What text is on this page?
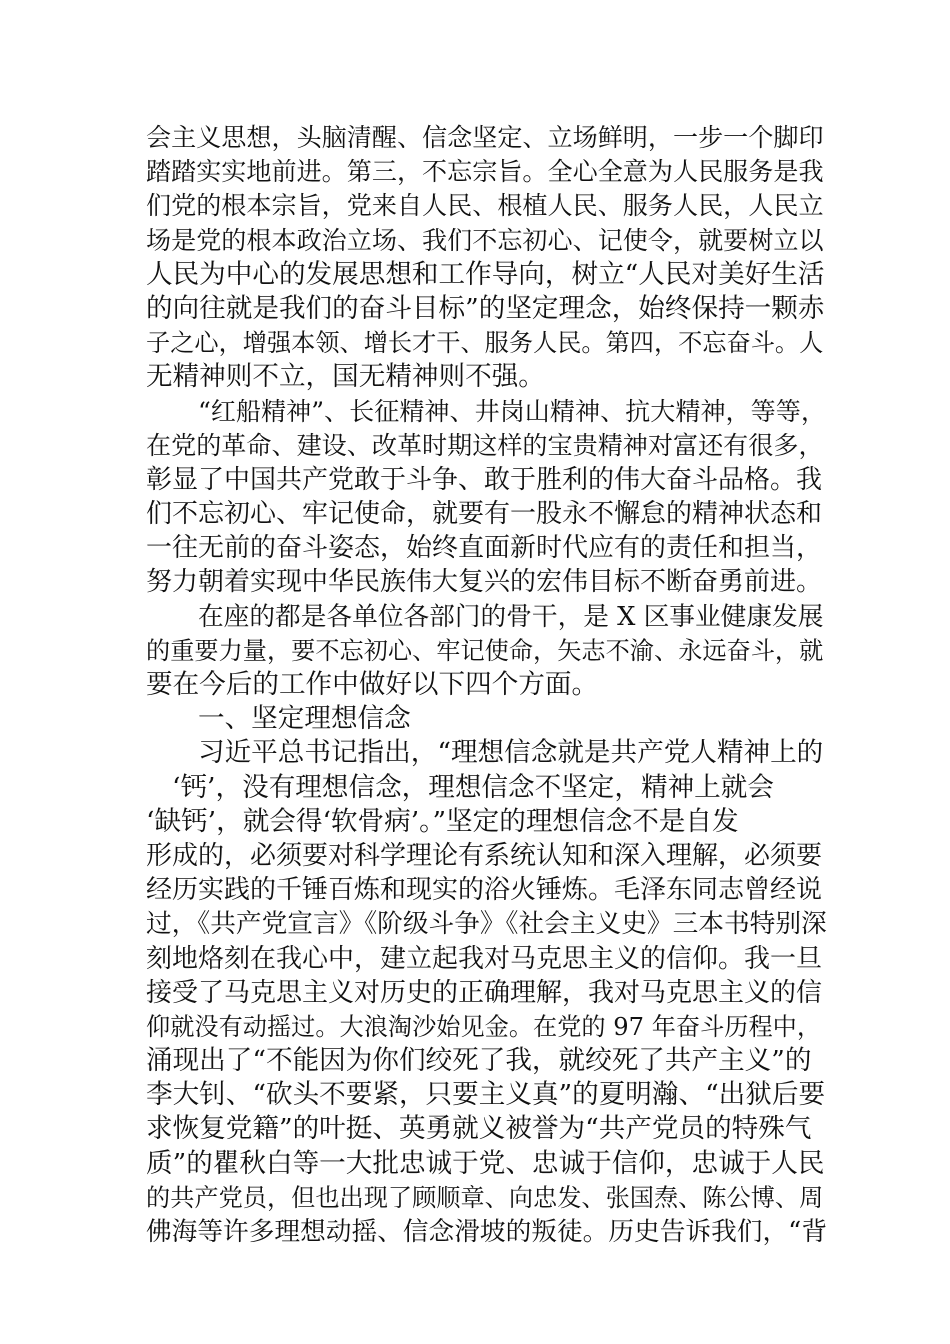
会主义思想，头脑清醒、信念坚定、立场鲜明，一步一个脚印
踏踏实实地前进。第三，不忘宗旨。全心全意为人民服务是我
们党的根本宗旨，党来自人民、根植人民、服务人民，人民立
场是党的根本政治立场、我们不忘初心、记使令，就要树立以
人民为中心的发展思想和工作导向，树立“人民对美好生活
的向往就是我们的奋斗目标”的坚定理念，始终保持一颗赤
子之心，增强本领、增长才干、服务人民。第四，不忘奋斗。人
无精神则不立，国无精神则不强。
“红船精神”、长征精神、井岗山精神、抗大精神，等等，
在党的革命、建设、改革时期这样的宝贵精神对富还有很多，
彰显了中国共产党敢于斗争、敢于胜利的伟大奋斗品格。我
们不忘初心、牢记使命，就要有一股永不懈怠的精神状态和
一往无前的奋斗姿态，始终直面新时代应有的责任和担当，
努力朝着实现中华民族伟大复兴的宏伟目标不断奋勇前进。
在座的都是各单位各部门的骨干，是 X 区事业健康发展
的重要力量，要不忘初心、牢记使命，矢志不渝、永远奋斗，就
要在今后的工作中做好以下四个方面。
一、坚定理想信念
习近平总书记指出，“理想信念就是共产党人精神上的
‘钙’，没有理想信念，理想信念不坚定，精神上就会
‘缺钙’，就会得‘软骨病’。”坚定的理想信念不是自发
形成的，必须要对科学理论有系统认知和深入理解，必须要
经历实践的千锤百炼和现实的浴火锤炼。毛泽东同志曾经说
过，《共产党宣言》《阶级斗争》《社会主义史》三本书特别深
刻地烙刻在我心中，建立起我对马克思主义的信仰。我一旦
接受了马克思主义对历史的正确理解，我对马克思主义的信
仰就没有动摇过。大浪淘沙始见金。在党的 97 年奋斗历程中，
涌现出了“不能因为你们绞死了我，就绞死了共产主义”的
李大钊、“砍头不要紧，只要主义真”的夏明瀚、“出狱后要
求恢复党籍”的叶挺、英勇就义被誉为“共产党员的特殊气
质”的瞿秋白等一大批忠诚于党、忠诚于信仰，忠诚于人民
的共产党员，但也出现了顾顺章、向忠发、张国焘、陈公博、周
佛海等许多理想动摇、信念滑坡的叛徒。历史告诉我们，“背
